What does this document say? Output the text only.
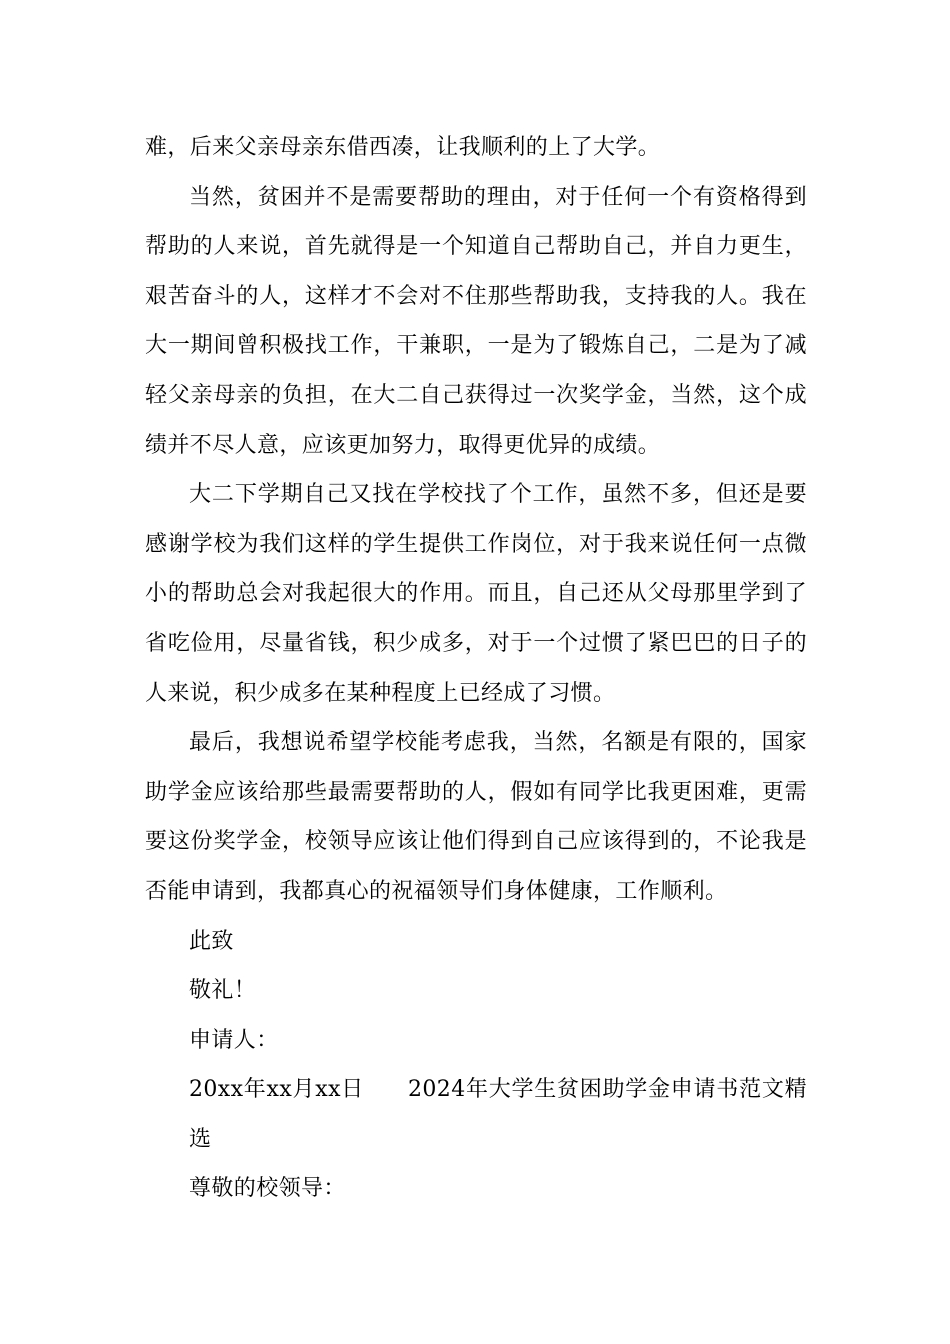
难，后来父亲母亲东借西凑，让我顺利的上了大学。

当然，贫困并不是需要帮助的理由，对于任何一个有资格得到帮助的人来说，首先就得是一个知道自己帮助自己，并自力更生，艰苦奋斗的人，这样才不会对不住那些帮助我，支持我的人。我在大一期间曾积极找工作，干兼职，一是为了锻炼自己，二是为了减轻父亲母亲的负担，在大二自己获得过一次奖学金，当然，这个成绩并不尽人意，应该更加努力，取得更优异的成绩。

大二下学期自己又找在学校找了个工作，虽然不多，但还是要感谢学校为我们这样的学生提供工作岗位，对于我来说任何一点微小的帮助总会对我起很大的作用。而且，自己还从父母那里学到了省吃俭用，尽量省钱，积少成多，对于一个过惯了紧巴巴的日子的人来说，积少成多在某种程度上已经成了习惯。

最后，我想说希望学校能考虑我，当然，名额是有限的，国家助学金应该给那些最需要帮助的人，假如有同学比我更困难，更需要这份奖学金，校领导应该让他们得到自己应该得到的，不论我是否能申请到，我都真心的祝福领导们身体健康，工作顺利。

此致

敬礼！

申请人：

20xx年xx月xx日 2024年大学生贫困助学金申请书范文精选

尊敬的校领导：
